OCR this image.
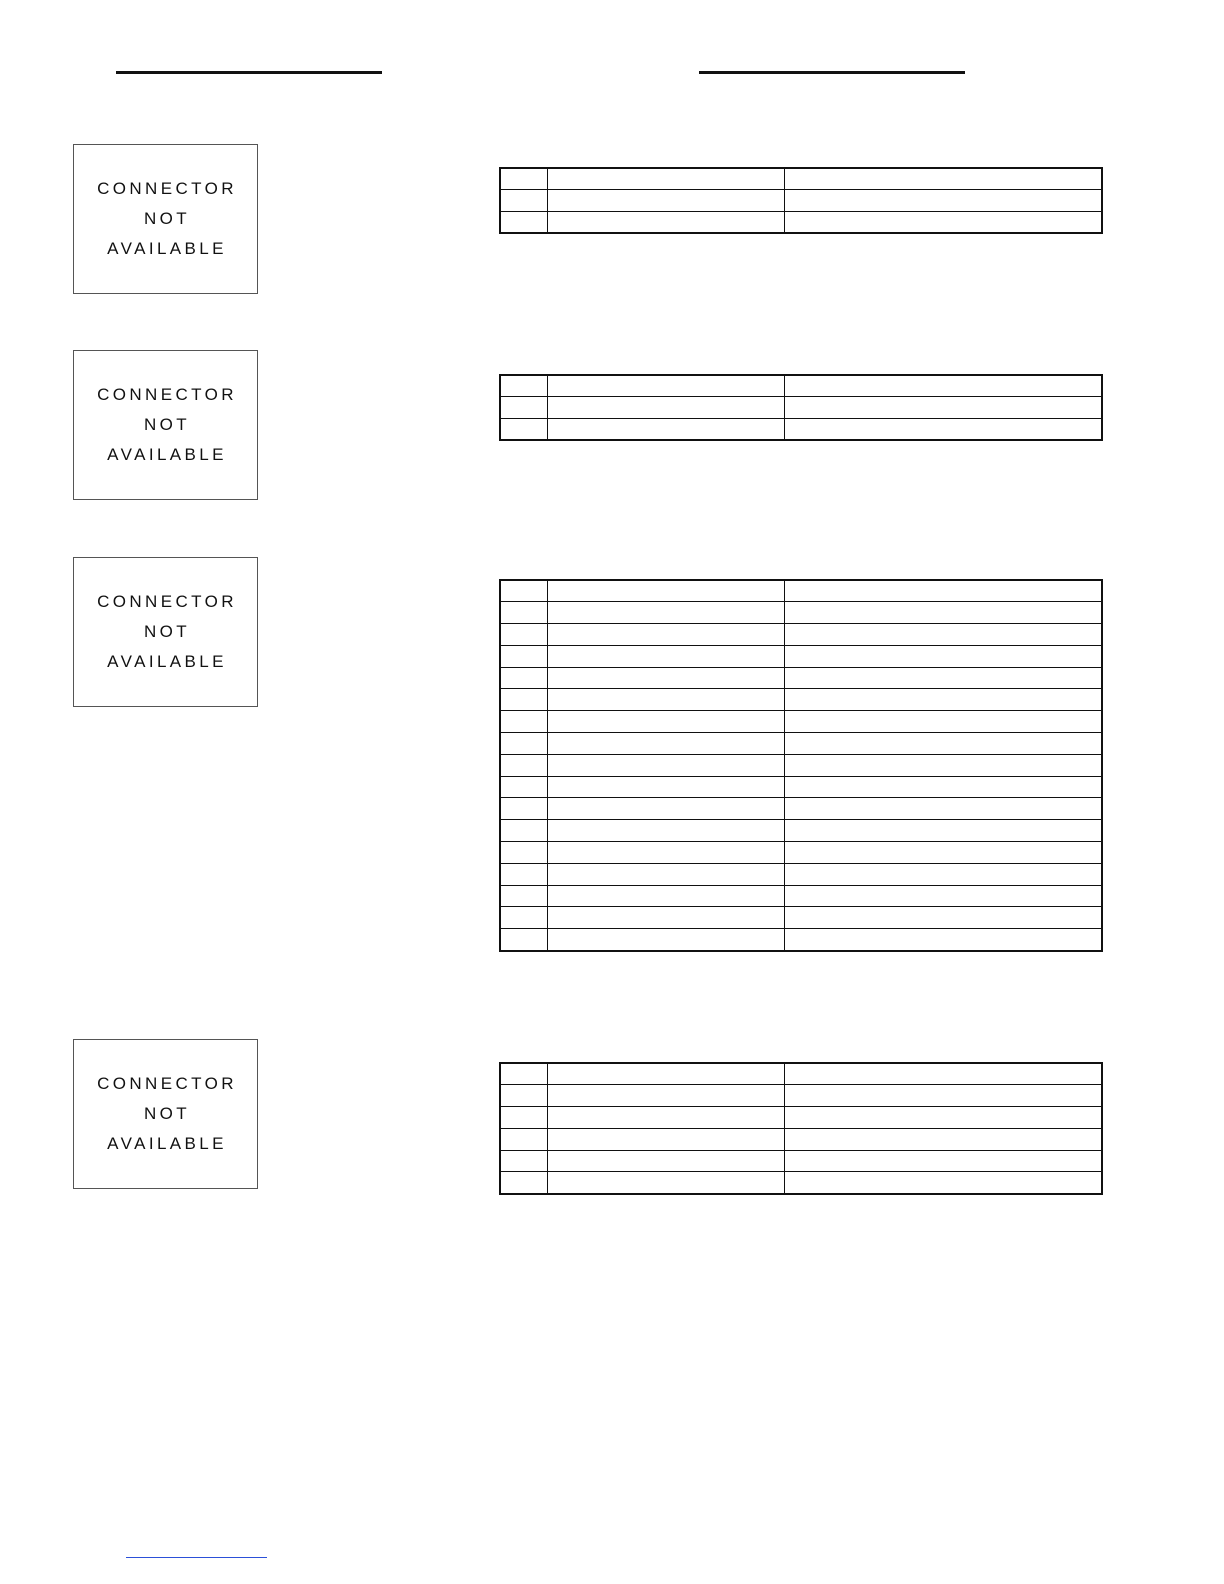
CONNECTOR
NOT
AVAILABLE

CONNECTOR
NOT
AVAILABLE

CONNECTOR
NOT
AVAILABLE

CONNECTOR
NOT
AVAILABLE
